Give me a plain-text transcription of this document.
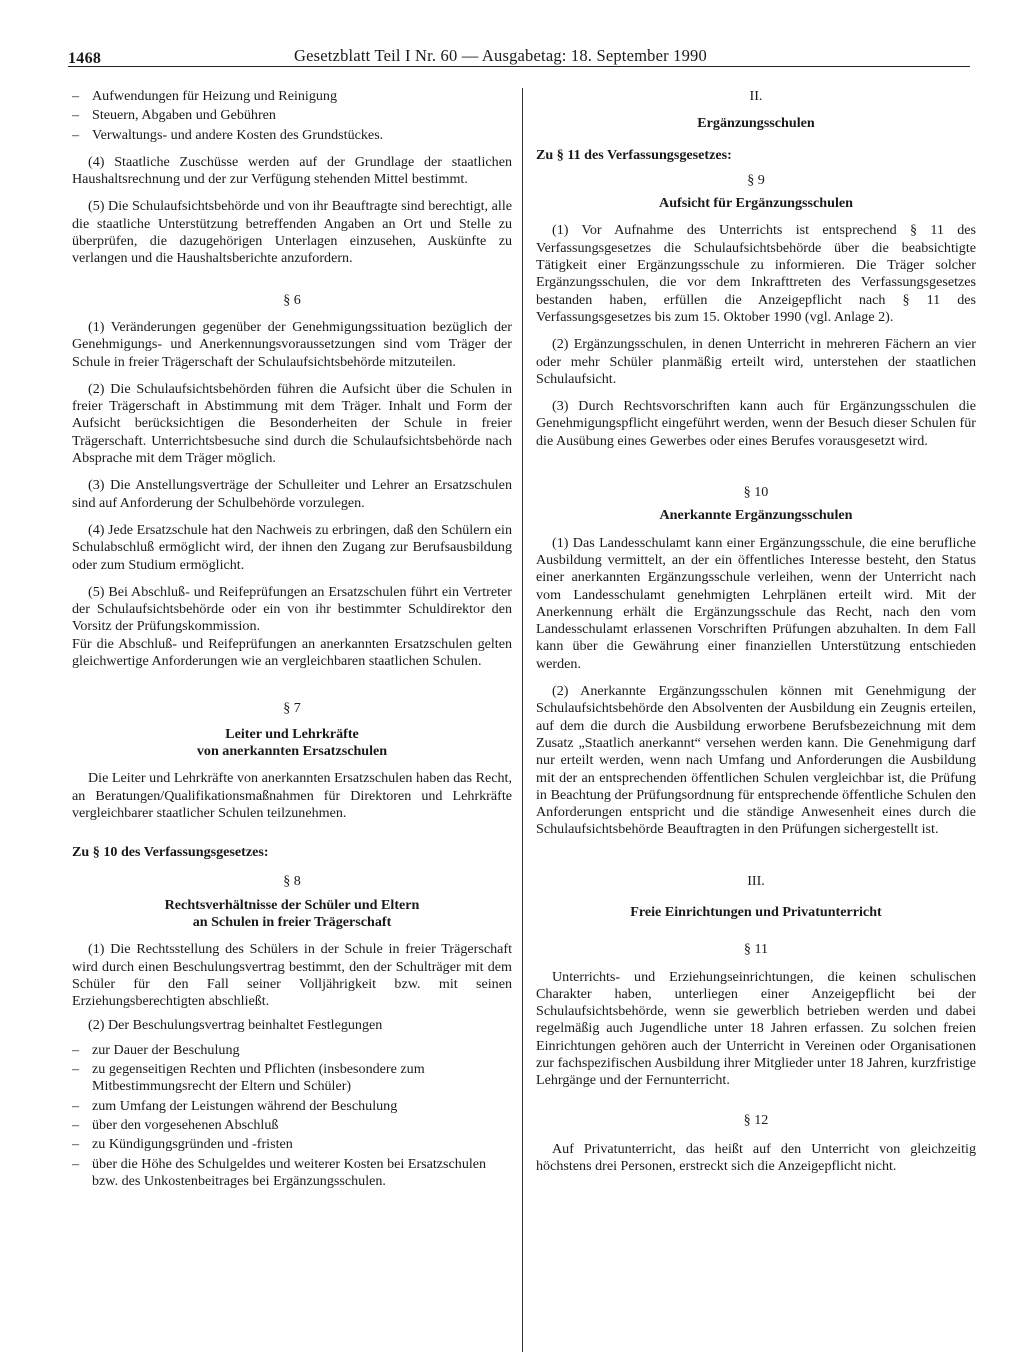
1468	Gesetzblatt Teil I Nr. 60 — Ausgabetag: 18. September 1990
– Aufwendungen für Heizung und Reinigung
– Steuern, Abgaben und Gebühren
– Verwaltungs- und andere Kosten des Grundstückes.

(4) Staatliche Zuschüsse werden auf der Grundlage der staatlichen Haushaltsrechnung und der zur Verfügung stehenden Mittel bestimmt.

(5) Die Schulaufsichtsbehörde und von ihr Beauftragte sind berechtigt, alle die staatliche Unterstützung betreffenden Angaben an Ort und Stelle zu überprüfen, die dazugehörigen Unterlagen einzusehen, Auskünfte zu verlangen und die Haushaltsberichte anzufordern.

§ 6

(1) Veränderungen gegenüber der Genehmigungssituation bezüglich der Genehmigungs- und Anerkennungsvoraussetzungen sind vom Träger der Schule in freier Trägerschaft der Schulaufsichtsbehörde mitzuteilen.

(2) Die Schulaufsichtsbehörden führen die Aufsicht über die Schulen in freier Trägerschaft in Abstimmung mit dem Träger. Inhalt und Form der Aufsicht berücksichtigen die Besonderheiten der Schule in freier Trägerschaft. Unterrichtsbesuche sind durch die Schulaufsichtsbehörde nach Absprache mit dem Träger möglich.

(3) Die Anstellungsverträge der Schulleiter und Lehrer an Ersatzschulen sind auf Anforderung der Schulbehörde vorzulegen.

(4) Jede Ersatzschule hat den Nachweis zu erbringen, daß den Schülern ein Schulabschluß ermöglicht wird, der ihnen den Zugang zur Berufsausbildung oder zum Studium ermöglicht.

(5) Bei Abschluß- und Reifeprüfungen an Ersatzschulen führt ein Vertreter der Schulaufsichtsbehörde oder ein von ihr bestimmter Schuldirektor den Vorsitz der Prüfungskommission.

Für die Abschluß- und Reifeprüfungen an anerkannten Ersatzschulen gelten gleichwertige Anforderungen wie an vergleichbaren staatlichen Schulen.

§ 7
Leiter und Lehrkräfte
von anerkannten Ersatzschulen

Die Leiter und Lehrkräfte von anerkannten Ersatzschulen haben das Recht, an Beratungen/Qualifikationsmaßnahmen für Direktoren und Lehrkräfte vergleichbarer staatlicher Schulen teilzunehmen.

Zu § 10 des Verfassungsgesetzes:
§ 8
Rechtsverhältnisse der Schüler und Eltern
an Schulen in freier Trägerschaft

(1) Die Rechtsstellung des Schülers in der Schule in freier Trägerschaft wird durch einen Beschulungsvertrag bestimmt, den der Schulträger mit dem Schüler für den Fall seiner Volljährigkeit bzw. mit seinen Erziehungsberechtigten abschließt.

(2) Der Beschulungsvertrag beinhaltet Festlegungen

– zur Dauer der Beschulung
– zu gegenseitigen Rechten und Pflichten (insbesondere zum Mitbestimmungsrecht der Eltern und Schüler)
– zum Umfang der Leistungen während der Beschulung
– über den vorgesehenen Abschluß
– zu Kündigungsgründen und -fristen
– über die Höhe des Schulgeldes und weiterer Kosten bei Ersatzschulen bzw. des Unkostenbeitrages bei Ergänzungsschulen.
II.
Ergänzungsschulen
Zu § 11 des Verfassungsgesetzes:
§ 9
Aufsicht für Ergänzungsschulen

(1) Vor Aufnahme des Unterrichts ist entsprechend § 11 des Verfassungsgesetzes die Schulaufsichtsbehörde über die beabsichtigte Tätigkeit einer Ergänzungsschule zu informieren. Die Träger solcher Ergänzungsschulen, die vor dem Inkrafttreten des Verfassungsgesetzes bestanden haben, erfüllen die Anzeigepflicht nach § 11 des Verfassungsgesetzes bis zum 15. Oktober 1990 (vgl. Anlage 2).

(2) Ergänzungsschulen, in denen Unterricht in mehreren Fächern an vier oder mehr Schüler planmäßig erteilt wird, unterstehen der staatlichen Schulaufsicht.

(3) Durch Rechtsvorschriften kann auch für Ergänzungsschulen die Genehmigungspflicht eingeführt werden, wenn der Besuch dieser Schulen für die Ausübung eines Gewerbes oder eines Berufes vorausgesetzt wird.

§ 10
Anerkannte Ergänzungsschulen

(1) Das Landesschulamt kann einer Ergänzungsschule, die eine berufliche Ausbildung vermittelt, an der ein öffentliches Interesse besteht, den Status einer anerkannten Ergänzungsschule verleihen, wenn der Unterricht nach vom Landesschulamt genehmigten Lehrplänen erteilt wird. Mit der Anerkennung erhält die Ergänzungsschule das Recht, nach den vom Landesschulamt erlassenen Vorschriften Prüfungen abzuhalten. In dem Fall kann über die Gewährung einer finanziellen Unterstützung entschieden werden.

(2) Anerkannte Ergänzungsschulen können mit Genehmigung der Schulaufsichtsbehörde den Absolventen der Ausbildung ein Zeugnis erteilen, auf dem die durch die Ausbildung erworbene Berufsbezeichnung mit dem Zusatz „Staatlich anerkannt“ versehen werden kann. Die Genehmigung darf nur erteilt werden, wenn nach Umfang und Anforderungen die Ausbildung mit der an entsprechenden öffentlichen Schulen vergleichbar ist, die Prüfung in Beachtung der Prüfungsordnung für entsprechende öffentliche Schulen den Anforderungen entspricht und die ständige Anwesenheit eines durch die Schulaufsichtsbehörde Beauftragten in den Prüfungen sichergestellt ist.

III.
Freie Einrichtungen und Privatunterricht
§ 11

Unterrichts- und Erziehungseinrichtungen, die keinen schulischen Charakter haben, unterliegen einer Anzeigepflicht bei der Schulaufsichtsbehörde, wenn sie gewerblich betrieben werden und dabei regelmäßig auch Jugendliche unter 18 Jahren erfassen. Zu solchen freien Einrichtungen gehören auch der Unterricht in Vereinen oder Organisationen zur fachspezifischen Ausbildung ihrer Mitglieder unter 18 Jahren, kurzfristige Lehrgänge und der Fernunterricht.

§ 12

Auf Privatunterricht, das heißt auf den Unterricht von gleichzeitig höchstens drei Personen, erstreckt sich die Anzeigepflicht nicht.
